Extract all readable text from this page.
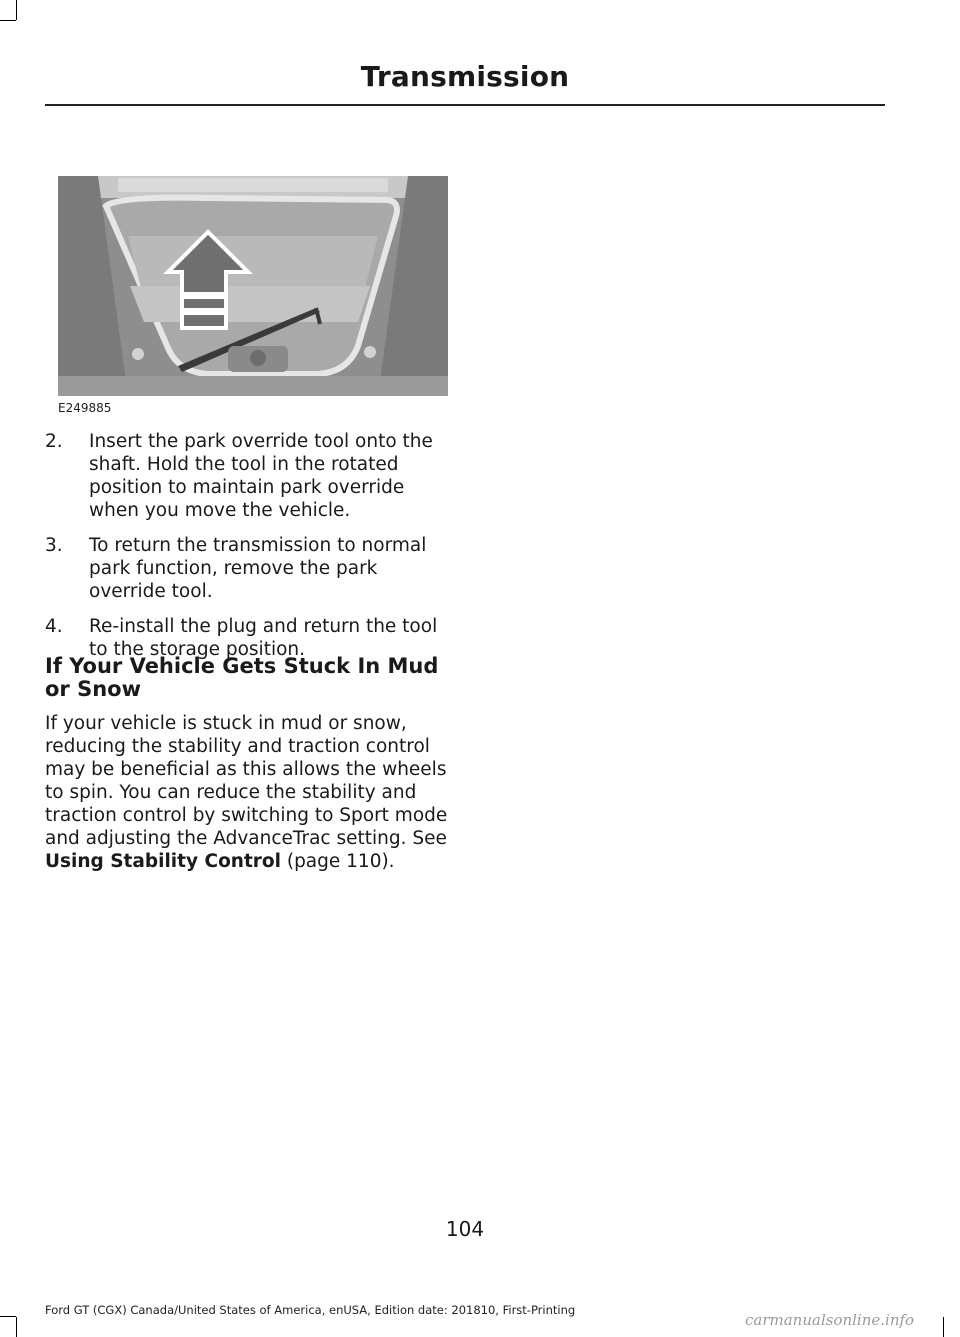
Transmission
E249885
2. Insert the park override tool onto the shaft. Hold the tool in the rotated position to maintain park override when you move the vehicle.
3. To return the transmission to normal park function, remove the park override tool.
4. Re-install the plug and return the tool to the storage position.
If Your Vehicle Gets Stuck In Mud or Snow

If your vehicle is stuck in mud or snow, reducing the stability and traction control may be beneficial as this allows the wheels to spin. You can reduce the stability and traction control by switching to Sport mode and adjusting the AdvanceTrac setting. See Using Stability Control (page 110).

104
Ford GT (CGX) Canada/United States of America, enUSA, Edition date: 201810, First-Printing
carmanualsonline.info
